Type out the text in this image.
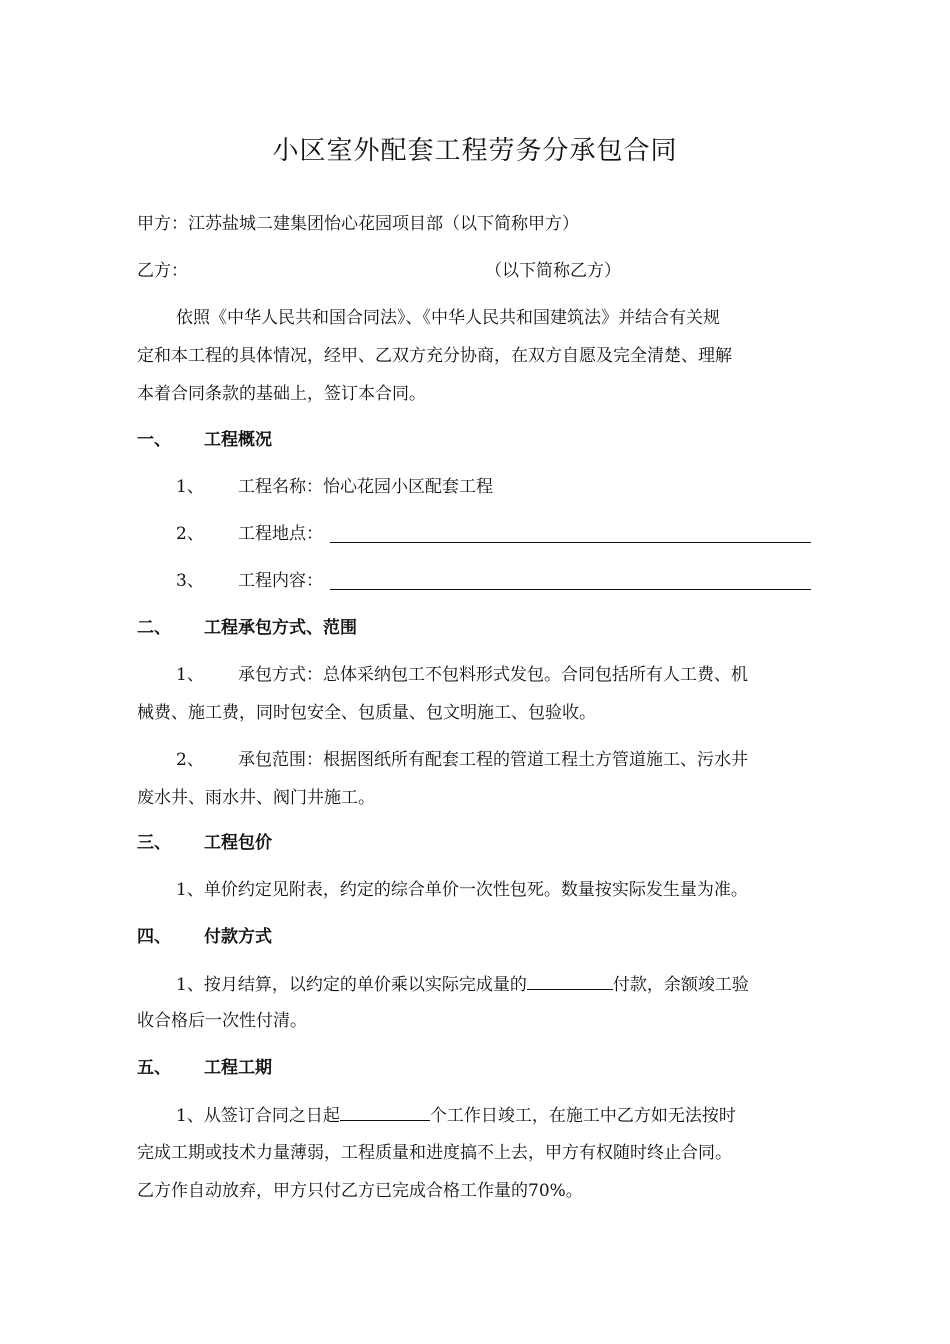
小区室外配套工程劳务分承包合同
甲方：江苏盐城二建集团怡心花园项目部（以下简称甲方）
乙方：	（以下简称乙方）
依照《中华人民共和国合同法》、《中华人民共和国建筑法》并结合有关规
定和本工程的具体情况，经甲、乙双方充分协商，在双方自愿及完全清楚、理解
本着合同条款的基础上，签订本合同。
一、 工程概况
1、 工程名称：怡心花园小区配套工程
2、 工程地点：
3、 工程内容：
二、 工程承包方式、范围
1、 承包方式：总体采纳包工不包料形式发包。合同包括所有人工费、机
械费、施工费，同时包安全、包质量、包文明施工、包验收。
2、 承包范围：根据图纸所有配套工程的管道工程土方管道施工、污水井
废水井、雨水井、阀门井施工。
三、 工程包价
1、单价约定见附表，约定的综合单价一次性包死。数量按实际发生量为准。
四、 付款方式
1、按月结算，以约定的单价乘以实际完成量的	付款，余额竣工验
收合格后一次性付清。
五、 工程工期
1、从签订合同之日起	个工作日竣工，在施工中乙方如无法按时
完成工期或技术力量薄弱，工程质量和进度搞不上去，甲方有权随时终止合同。
乙方作自动放弃，甲方只付乙方已完成合格工作量的70%。
